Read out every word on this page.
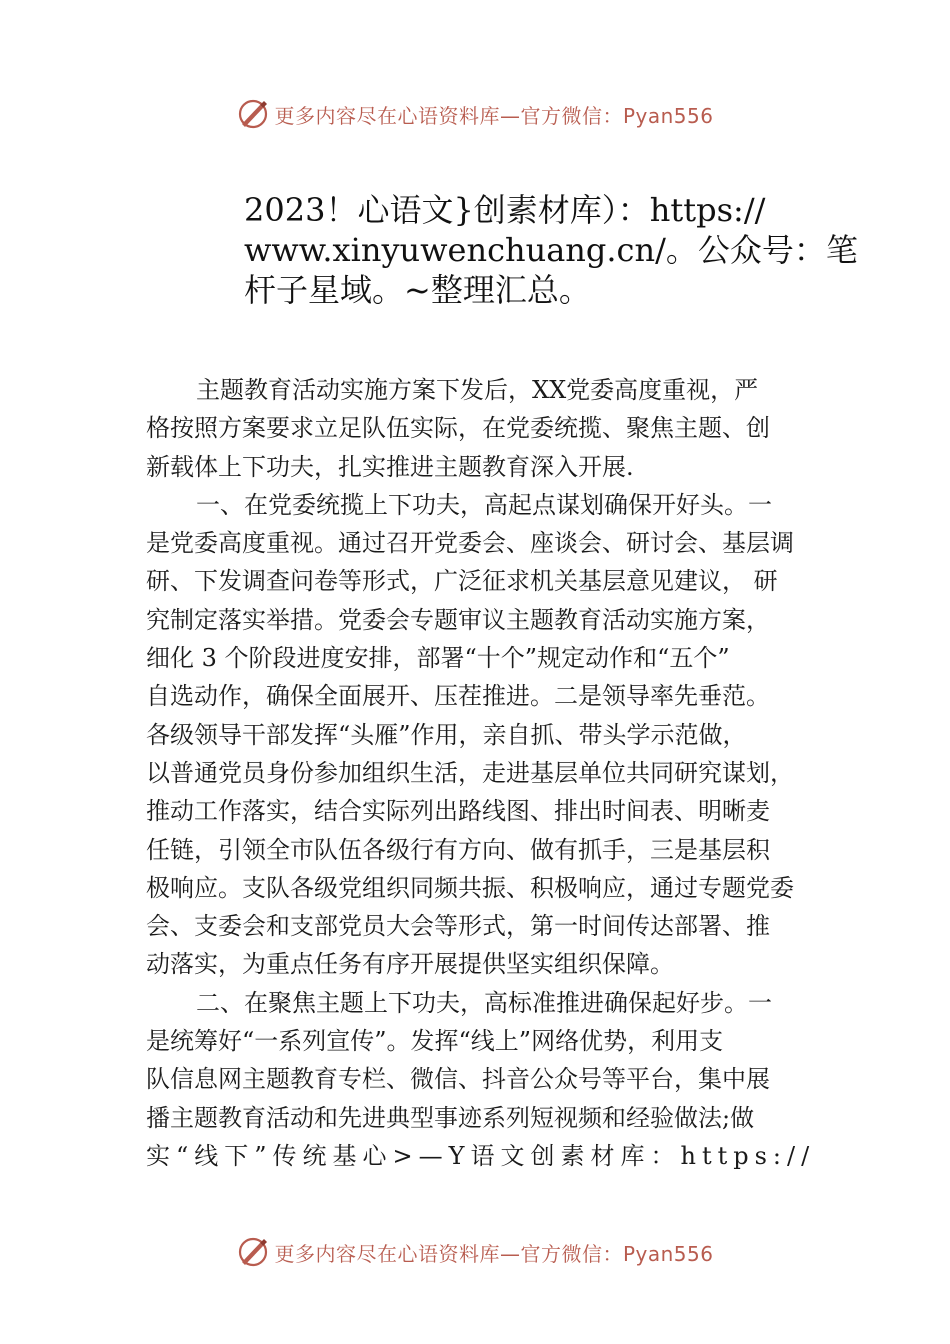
更多内容尽在心语资料库—官方微信：Pyan556
2023！心语文}创素材库）：https://
www.xinyuwenchuang.cn/。公众号：笔
杆子星域。~整理汇总。
主题教育活动实施方案下发后，XX党委高度重视，严
格按照方案要求立足队伍实际，在党委统揽、聚焦主题、创
新载体上下功夫，扎实推进主题教育深入开展.
一、在党委统揽上下功夫，高起点谋划确保开好头。一
是党委高度重视。通过召开党委会、座谈会、研讨会、基层调
研、下发调查问卷等形式，广泛征求机关基层意见建议， 研
究制定落实举措。党委会专题审议主题教育活动实施方案，
细化 3 个阶段进度安排，部署“十个”规定动作和“五个”
自选动作，确保全面展开、压茬推进。二是领导率先垂范。
各级领导干部发挥“头雁”作用，亲自抓、带头学示范做，
以普通党员身份参加组织生活，走进基层单位共同研究谋划，
推动工作落实，结合实际列出路线图、排出时间表、明晰麦
任链，引领全市队伍各级行有方向、做有抓手，三是基层积
极响应。支队各级党组织同频共振、积极响应，通过专题党委
会、支委会和支部党员大会等形式，第一时间传达部署、推
动落实，为重点任务有序开展提供坚实组织保障。
二、在聚焦主题上下功夫，高标准推进确保起好步。一
是统筹好“一系列宣传”。发挥“线上”网络优势，利用支
队信息网主题教育专栏、微信、抖音公众号等平台，集中展
播主题教育活动和先进典型事迹系列短视频和经验做法;做
实“线下”传统基心>—Y语文创素材库：https://
更多内容尽在心语资料库—官方微信：Pyan556
